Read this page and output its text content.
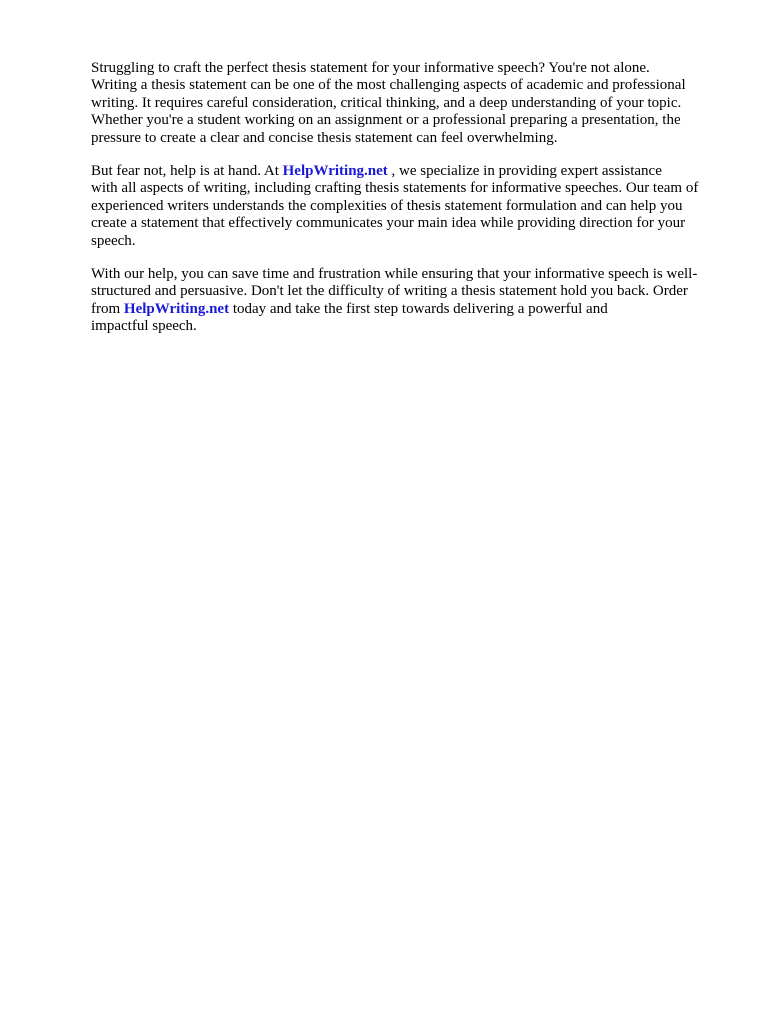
Struggling to craft the perfect thesis statement for your informative speech? You're not alone.
Writing a thesis statement can be one of the most challenging aspects of academic and professional
writing. It requires careful consideration, critical thinking, and a deep understanding of your topic.
Whether you're a student working on an assignment or a professional preparing a presentation, the
pressure to create a clear and concise thesis statement can feel overwhelming.

But fear not, help is at hand. At HelpWriting.net , we specialize in providing expert assistance
with all aspects of writing, including crafting thesis statements for informative speeches. Our team of
experienced writers understands the complexities of thesis statement formulation and can help you
create a statement that effectively communicates your main idea while providing direction for your
speech.

With our help, you can save time and frustration while ensuring that your informative speech is well-
structured and persuasive. Don't let the difficulty of writing a thesis statement hold you back. Order
from HelpWriting.net today and take the first step towards delivering a powerful and
impactful speech.
